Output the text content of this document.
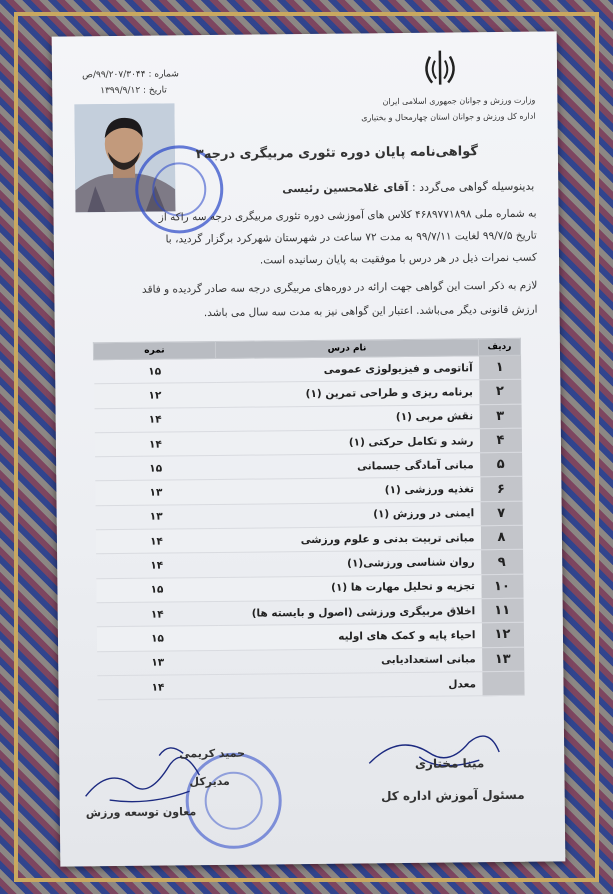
وزارت ورزش و جوانان جمهوری اسلامی ایران
اداره کل ورزش و جوانان استان چهارمحال و بختیاری
شماره : ۹۹/۲۰۷/۳۰۴۴/ص
تاریخ : ۱۳۹۹/۹/۱۲
گواهی‌نامه پایان دوره تئوری مربیگری درجه۳
بدینوسیله گواهی می‌گردد : آقای غلامحسین رئیسی
به شماره ملی ۴۶۸۹۷۷۱۸۹۸ کلاس های آموزشی دوره تئوری مربیگری درجه سه راکه از
تاریخ ۹۹/۷/۵ لغایت ۹۹/۷/۱۱ به مدت ۷۲ ساعت در شهرستان شهرکرد برگزار گردید، با
کسب نمرات ذیل در هر درس با موفقیت به پایان رسانیده است.
لازم به ذکر است این گواهی جهت ارائه در دوره‌های مربیگری درجه سه صادر گردیده و فاقد
ارزش قانونی دیگر می‌باشد. اعتبار این گواهی نیز به مدت سه سال می باشد.
ردیف	نام درس	نمره
۱	آناتومی و فیزیولوژی عمومی	۱۵
۲	برنامه ریزی و طراحی تمرین (۱)	۱۲
۳	نقش مربی (۱)	۱۴
۴	رشد و تکامل حرکتی (۱)	۱۴
۵	مبانی آمادگی جسمانی	۱۵
۶	تغذیه ورزشی (۱)	۱۳
۷	ایمنی در ورزش (۱)	۱۳
۸	مبانی تربیت بدنی و علوم ورزشی	۱۴
۹	روان شناسی ورزشی(۱)	۱۴
۱۰	تجزیه و تحلیل مهارت ها (۱)	۱۵
۱۱	اخلاق مربیگری ورزشی (اصول و بایسته ها)	۱۴
۱۲	احیاء پایه و کمک های اولیه	۱۵
۱۳	مبانی استعدادیابی	۱۳
	معدل	۱۴
مینا مختاری
مسئول آموزش اداره کل
حمید کریمی
مدیرکل
معاون توسعه ورزش
